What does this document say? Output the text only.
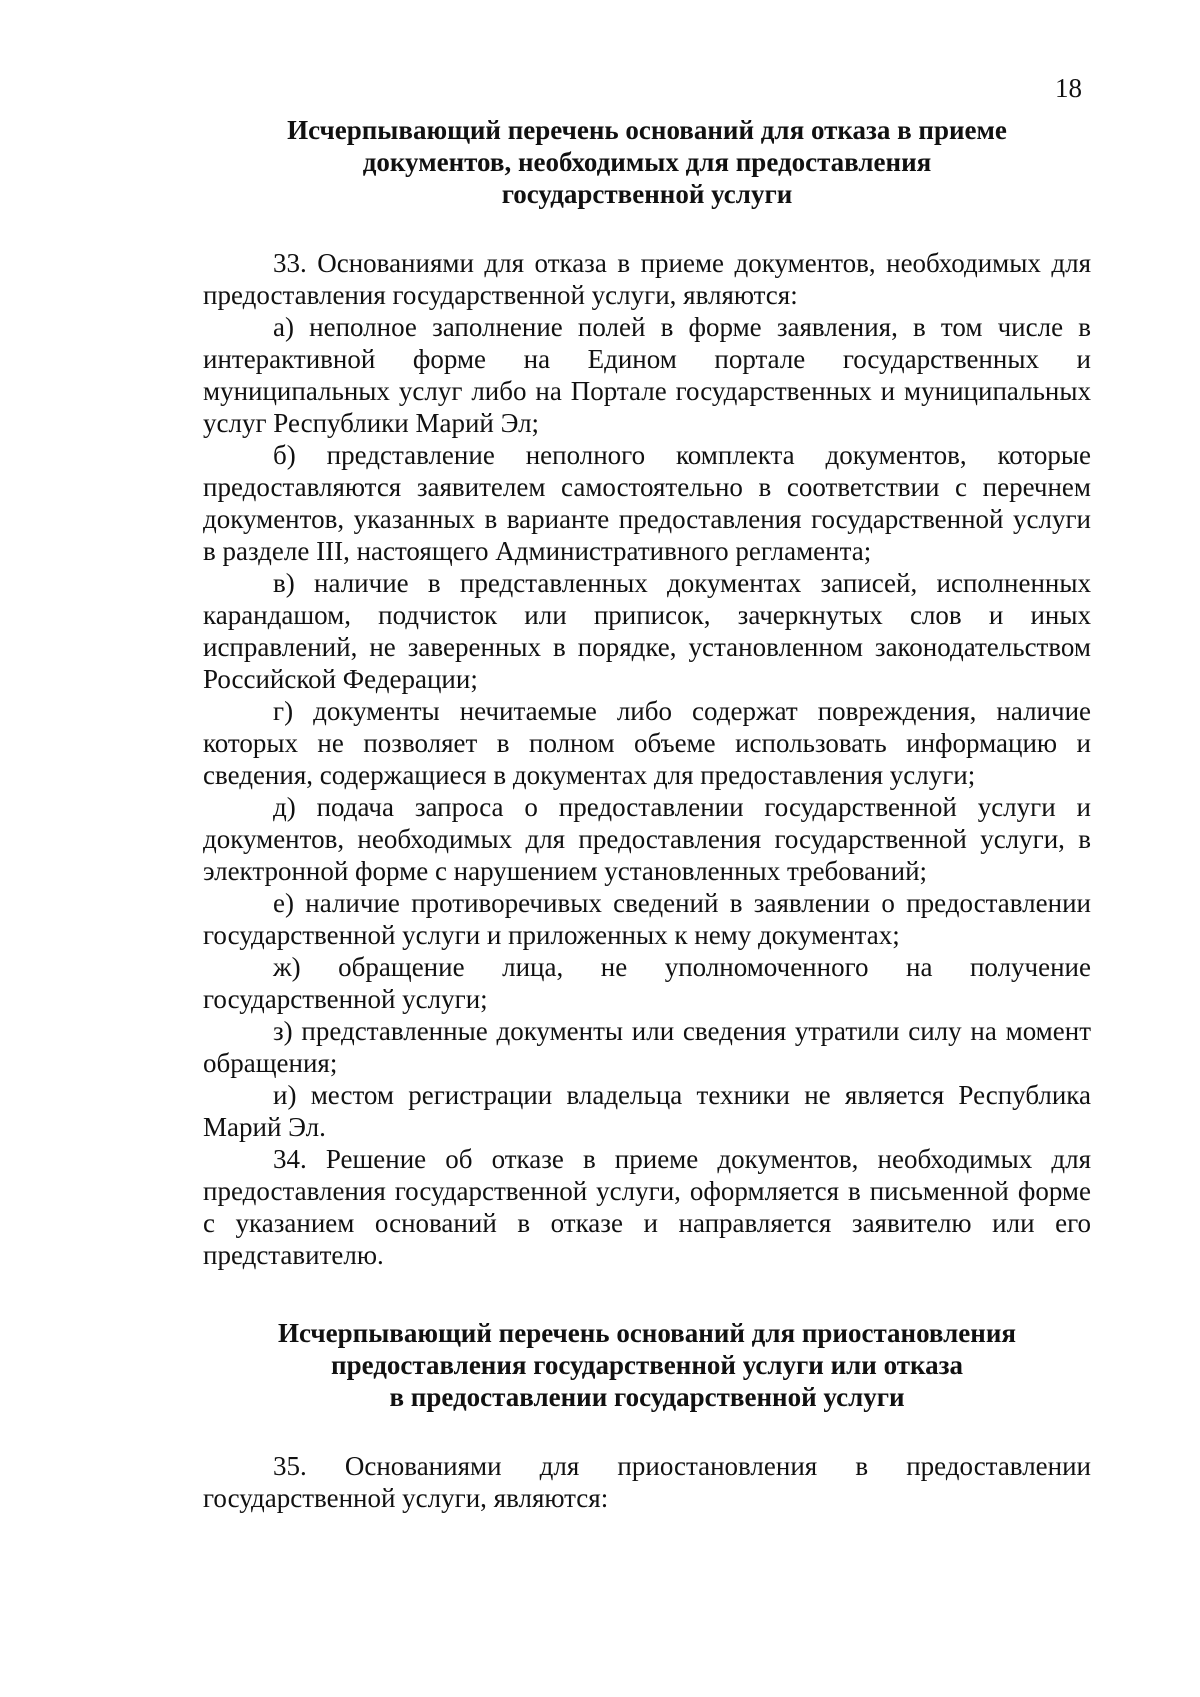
18
Исчерпывающий перечень оснований для отказа в приеме
документов, необходимых для предоставления
государственной услуги

33. Основаниями для отказа в приеме документов, необходимых для предоставления государственной услуги, являются:

а) неполное заполнение полей в форме заявления, в том числе в интерактивной форме на Едином портале государственных и муниципальных услуг либо на Портале государственных и муниципальных услуг Республики Марий Эл;

б) представление неполного комплекта документов, которые предоставляются заявителем самостоятельно в соответствии с перечнем документов, указанных в варианте предоставления государственной услуги в разделе III, настоящего Административного регламента;

в) наличие в представленных документах записей, исполненных карандашом, подчисток или приписок, зачеркнутых слов и иных исправлений, не заверенных в порядке, установленном законодательством Российской Федерации;

г) документы нечитаемые либо содержат повреждения, наличие которых не позволяет в полном объеме использовать информацию и сведения, содержащиеся в документах для предоставления услуги;

д) подача запроса о предоставлении государственной услуги и документов, необходимых для предоставления государственной услуги, в электронной форме с нарушением установленных требований;

е) наличие противоречивых сведений в заявлении о предоставлении государственной услуги и приложенных к нему документах;

ж) обращение лица, не уполномоченного на получение государственной услуги;

з) представленные документы или сведения утратили силу на момент обращения;

и) местом регистрации владельца техники не является Республика Марий Эл.

34. Решение об отказе в приеме документов, необходимых для предоставления государственной услуги, оформляется в письменной форме с указанием оснований в отказе и направляется заявителю или его представителю.

Исчерпывающий перечень оснований для приостановления
предоставления государственной услуги или отказа
в предоставлении государственной услуги

35. Основаниями для приостановления в предоставлении государственной услуги, являются:
